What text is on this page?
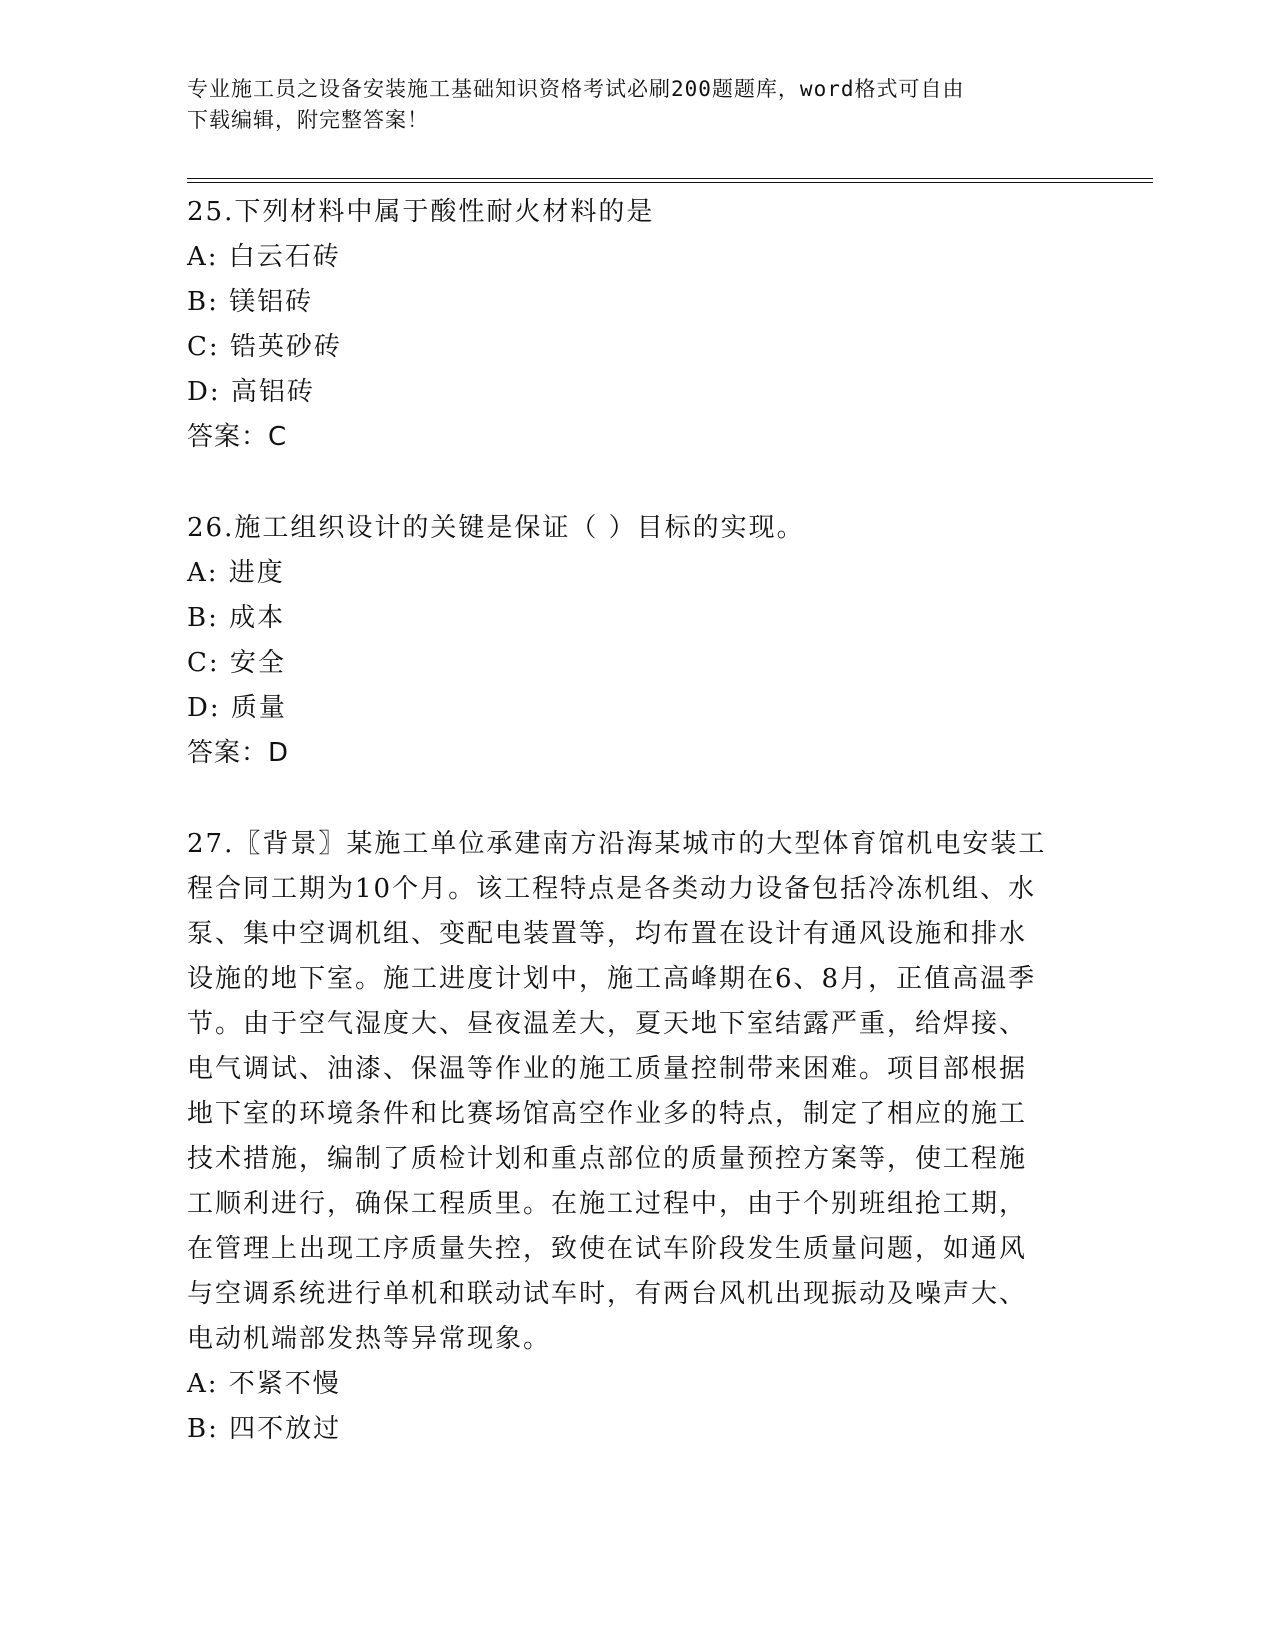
专业施工员之设备安装施工基础知识资格考试必刷200题题库，word格式可自由
下载编辑，附完整答案！
25.下列材料中属于酸性耐火材料的是
A: 白云石砖
B: 镁铝砖
C: 锆英砂砖
D: 高铝砖
答案：C
26.施工组织设计的关键是保证（ ）目标的实现。
A: 进度
B: 成本
C: 安全
D: 质量
答案：D
27.〖背景〗某施工单位承建南方沿海某城市的大型体育馆机电安装工
程合同工期为10个月。该工程特点是各类动力设备包括冷冻机组、水
泵、集中空调机组、变配电装置等，均布置在设计有通风设施和排水
设施的地下室。施工进度计划中，施工高峰期在6、8月，正值高温季
节。由于空气湿度大、昼夜温差大，夏天地下室结露严重，给焊接、
电气调试、油漆、保温等作业的施工质量控制带来困难。项目部根据
地下室的环境条件和比赛场馆高空作业多的特点，制定了相应的施工
技术措施，编制了质检计划和重点部位的质量预控方案等，使工程施
工顺利进行，确保工程质里。在施工过程中，由于个别班组抢工期，
在管理上出现工序质量失控，致使在试车阶段发生质量问题，如通风
与空调系统进行单机和联动试车时，有两台风机出现振动及噪声大、
电动机端部发热等异常现象。
A: 不紧不慢
B: 四不放过
